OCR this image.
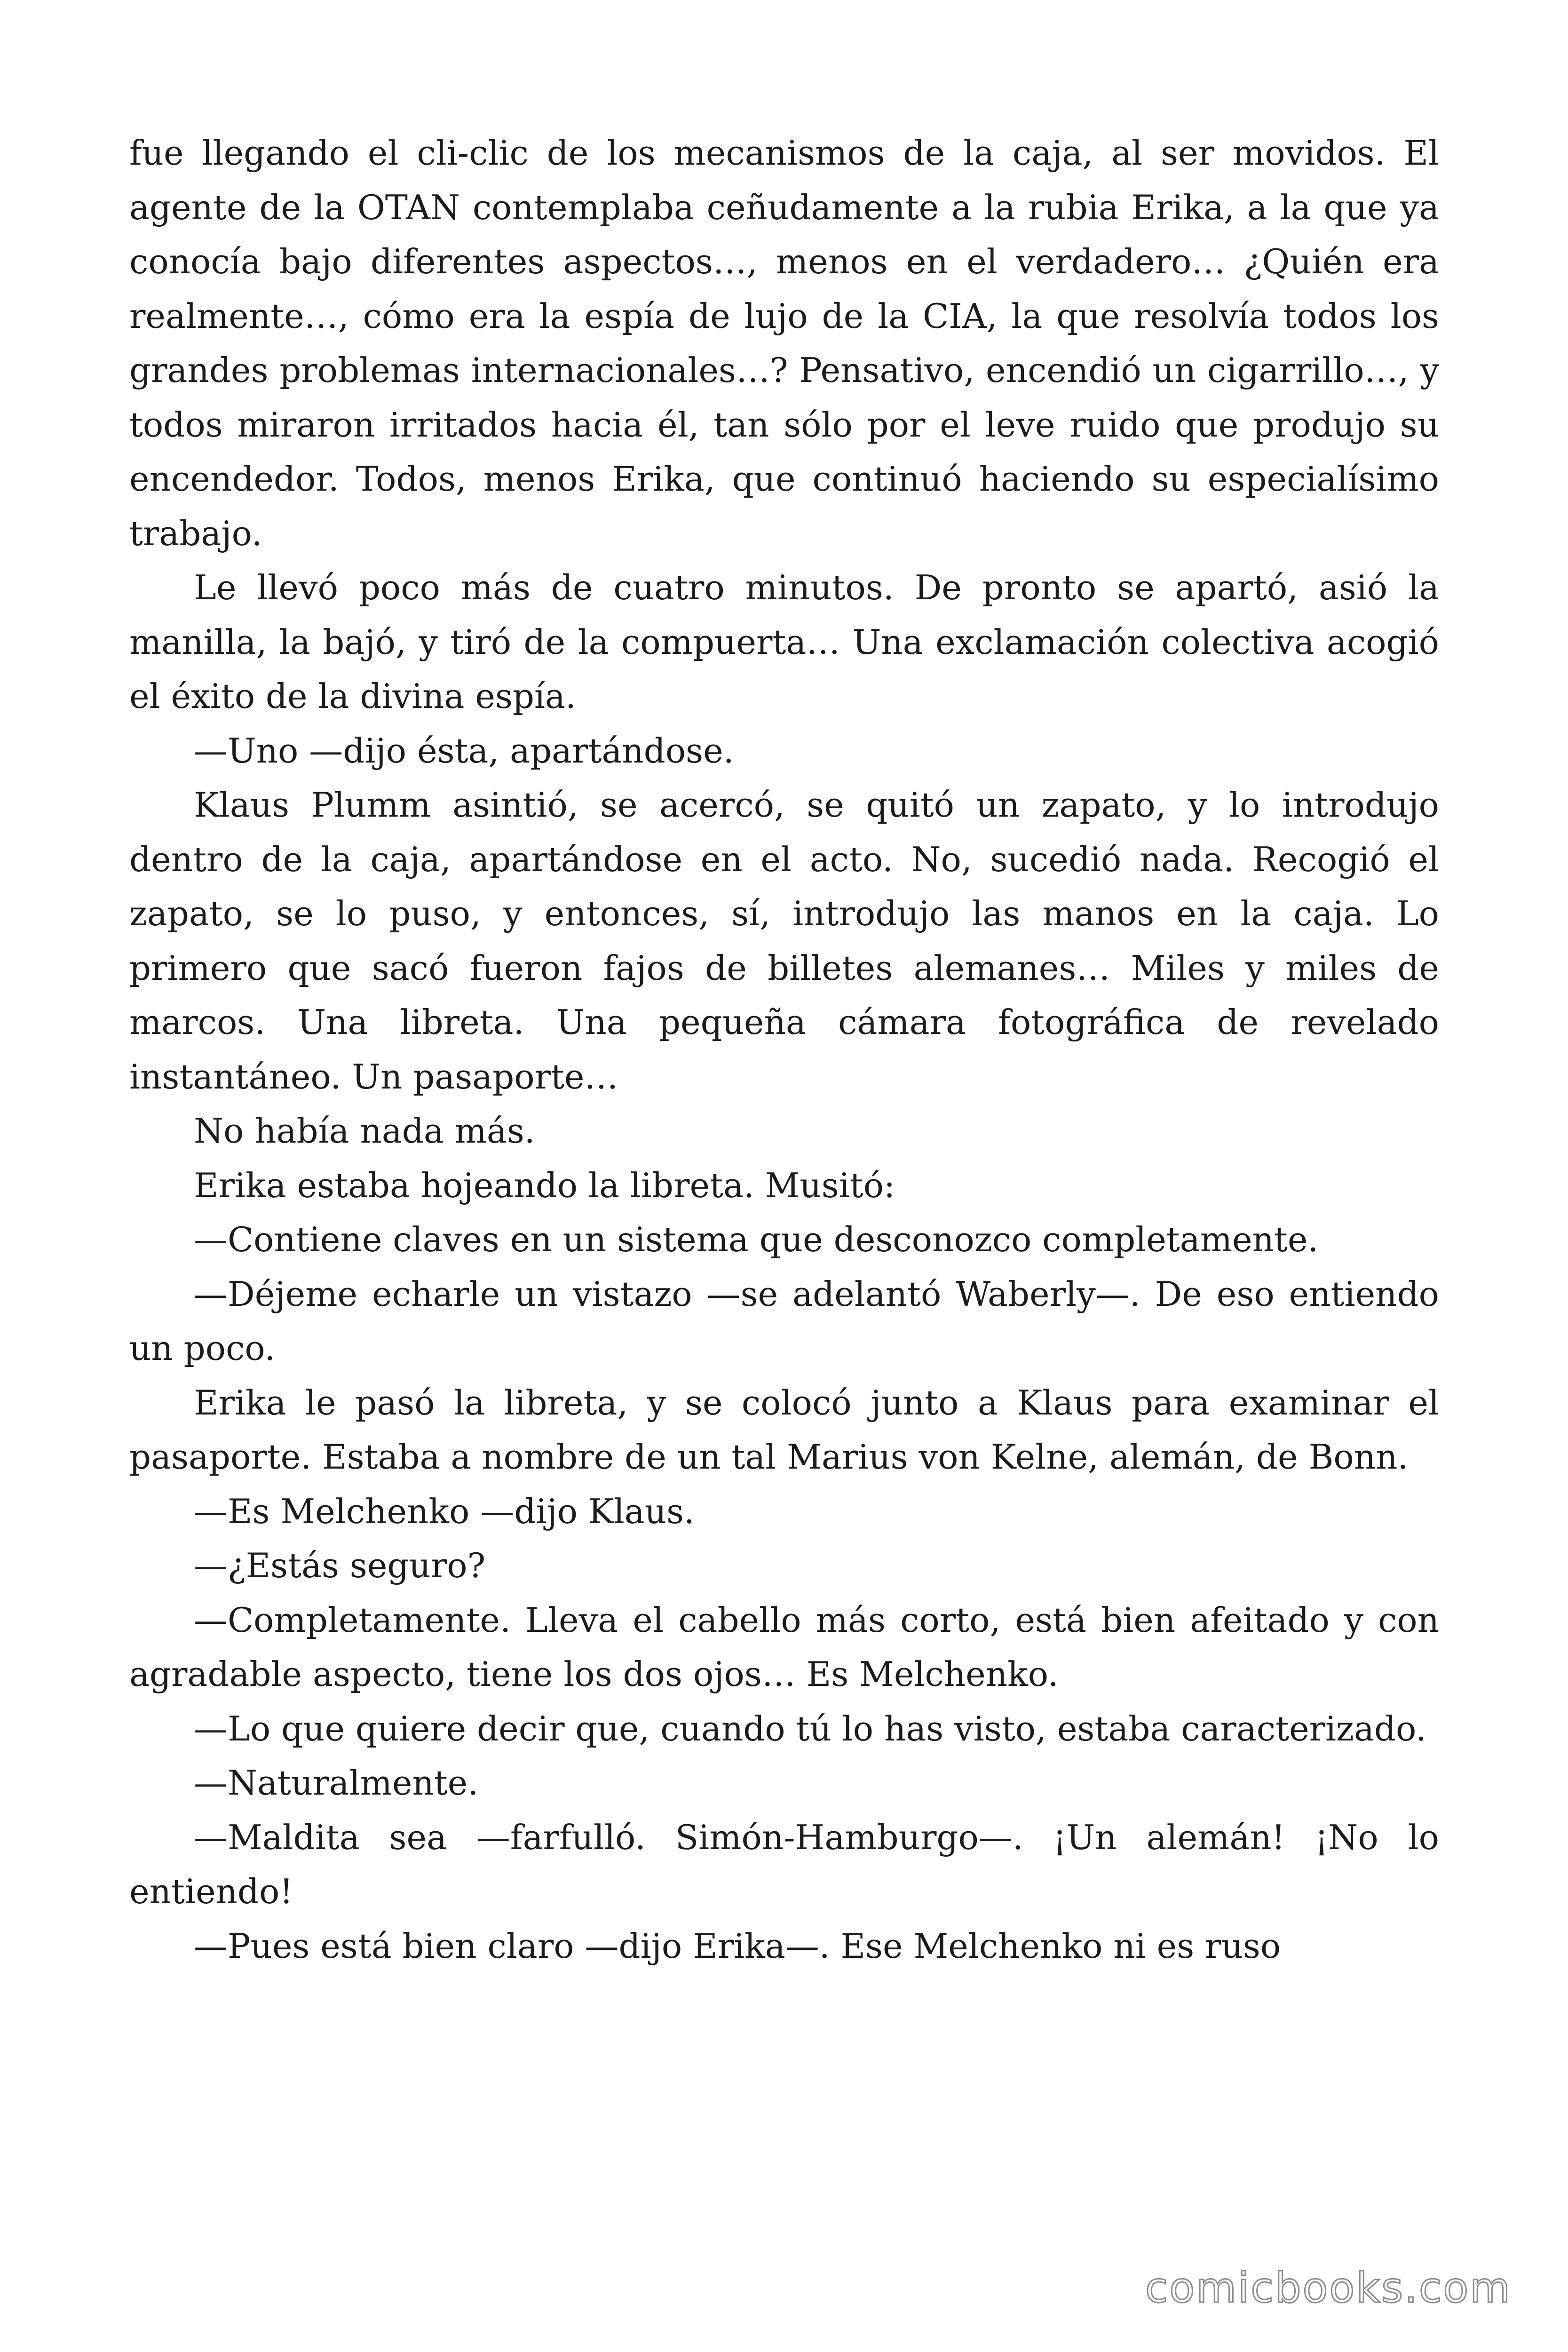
fue llegando el cli-clic de los mecanismos de la caja, al ser movidos. El agente de la OTAN contemplaba ceñudamente a la rubia Erika, a la que ya conocía bajo diferentes aspectos…, menos en el verdadero… ¿Quién era realmente…, cómo era la espía de lujo de la CIA, la que resolvía todos los grandes problemas internacionales…? Pensativo, encendió un cigarrillo…, y todos miraron irritados hacia él, tan sólo por el leve ruido que produjo su encendedor. Todos, menos Erika, que continuó haciendo su especialísimo trabajo.

Le llevó poco más de cuatro minutos. De pronto se apartó, asió la manilla, la bajó, y tiró de la compuerta… Una exclamación colectiva acogió el éxito de la divina espía.

—Uno —dijo ésta, apartándose.

Klaus Plumm asintió, se acercó, se quitó un zapato, y lo introdujo dentro de la caja, apartándose en el acto. No, sucedió nada. Recogió el zapato, se lo puso, y entonces, sí, introdujo las manos en la caja. Lo primero que sacó fueron fajos de billetes alemanes… Miles y miles de marcos. Una libreta. Una pequeña cámara fotográfica de revelado instantáneo. Un pasaporte…

No había nada más.

Erika estaba hojeando la libreta. Musitó:

—Contiene claves en un sistema que desconozco completamente.

—Déjeme echarle un vistazo —se adelantó Waberly—. De eso entiendo un poco.

Erika le pasó la libreta, y se colocó junto a Klaus para examinar el pasaporte. Estaba a nombre de un tal Marius von Kelne, alemán, de Bonn.

—Es Melchenko —dijo Klaus.

—¿Estás seguro?

—Completamente. Lleva el cabello más corto, está bien afeitado y con agradable aspecto, tiene los dos ojos… Es Melchenko.

—Lo que quiere decir que, cuando tú lo has visto, estaba caracterizado.

—Naturalmente.

—Maldita sea —farfulló. Simón-Hamburgo—. ¡Un alemán! ¡No lo entiendo!

—Pues está bien claro —dijo Erika—. Ese Melchenko ni es ruso

comicbooks.com
